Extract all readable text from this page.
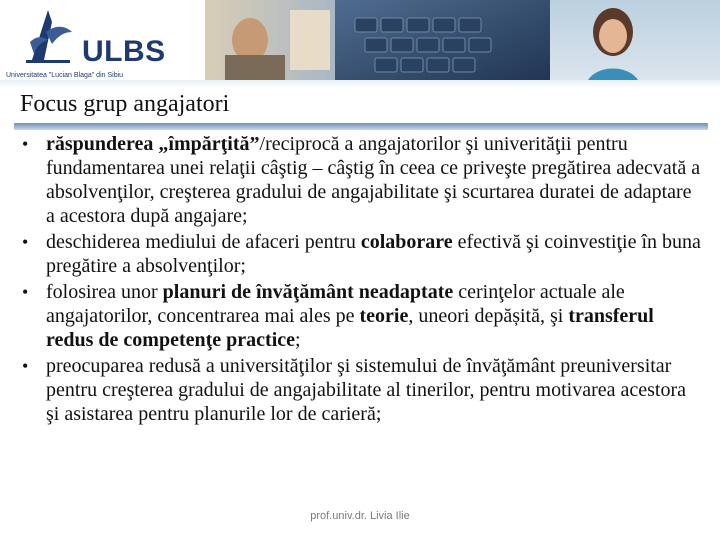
ULBS
Universitatea "Lucian Blaga" din Sibiu
Focus grup angajatori
• răspunderea „împărţită”/reciprocă a angajatorilor şi univerităţii pentru fundamentarea unei relaţii câştig – câştig în ceea ce priveşte pregătirea adecvată a absolvenţilor, creşterea gradului de angajabilitate şi scurtarea duratei de adaptare a acestora după angajare;
• deschiderea mediului de afaceri pentru colaborare efectivă şi coinvestiţie în buna pregătire a absolvenţilor;
• folosirea unor planuri de învăţământ neadaptate cerinţelor actuale ale angajatorilor, concentrarea mai ales pe teorie, uneori depășită, şi transferul redus de competenţe practice;
• preocuparea redusă a universităţilor şi sistemului de învăţământ preuniversitar pentru creşterea gradului de angajabilitate al tinerilor, pentru motivarea acestora şi asistarea pentru planurile lor de carieră;
prof.univ.dr. Livia Ilie
